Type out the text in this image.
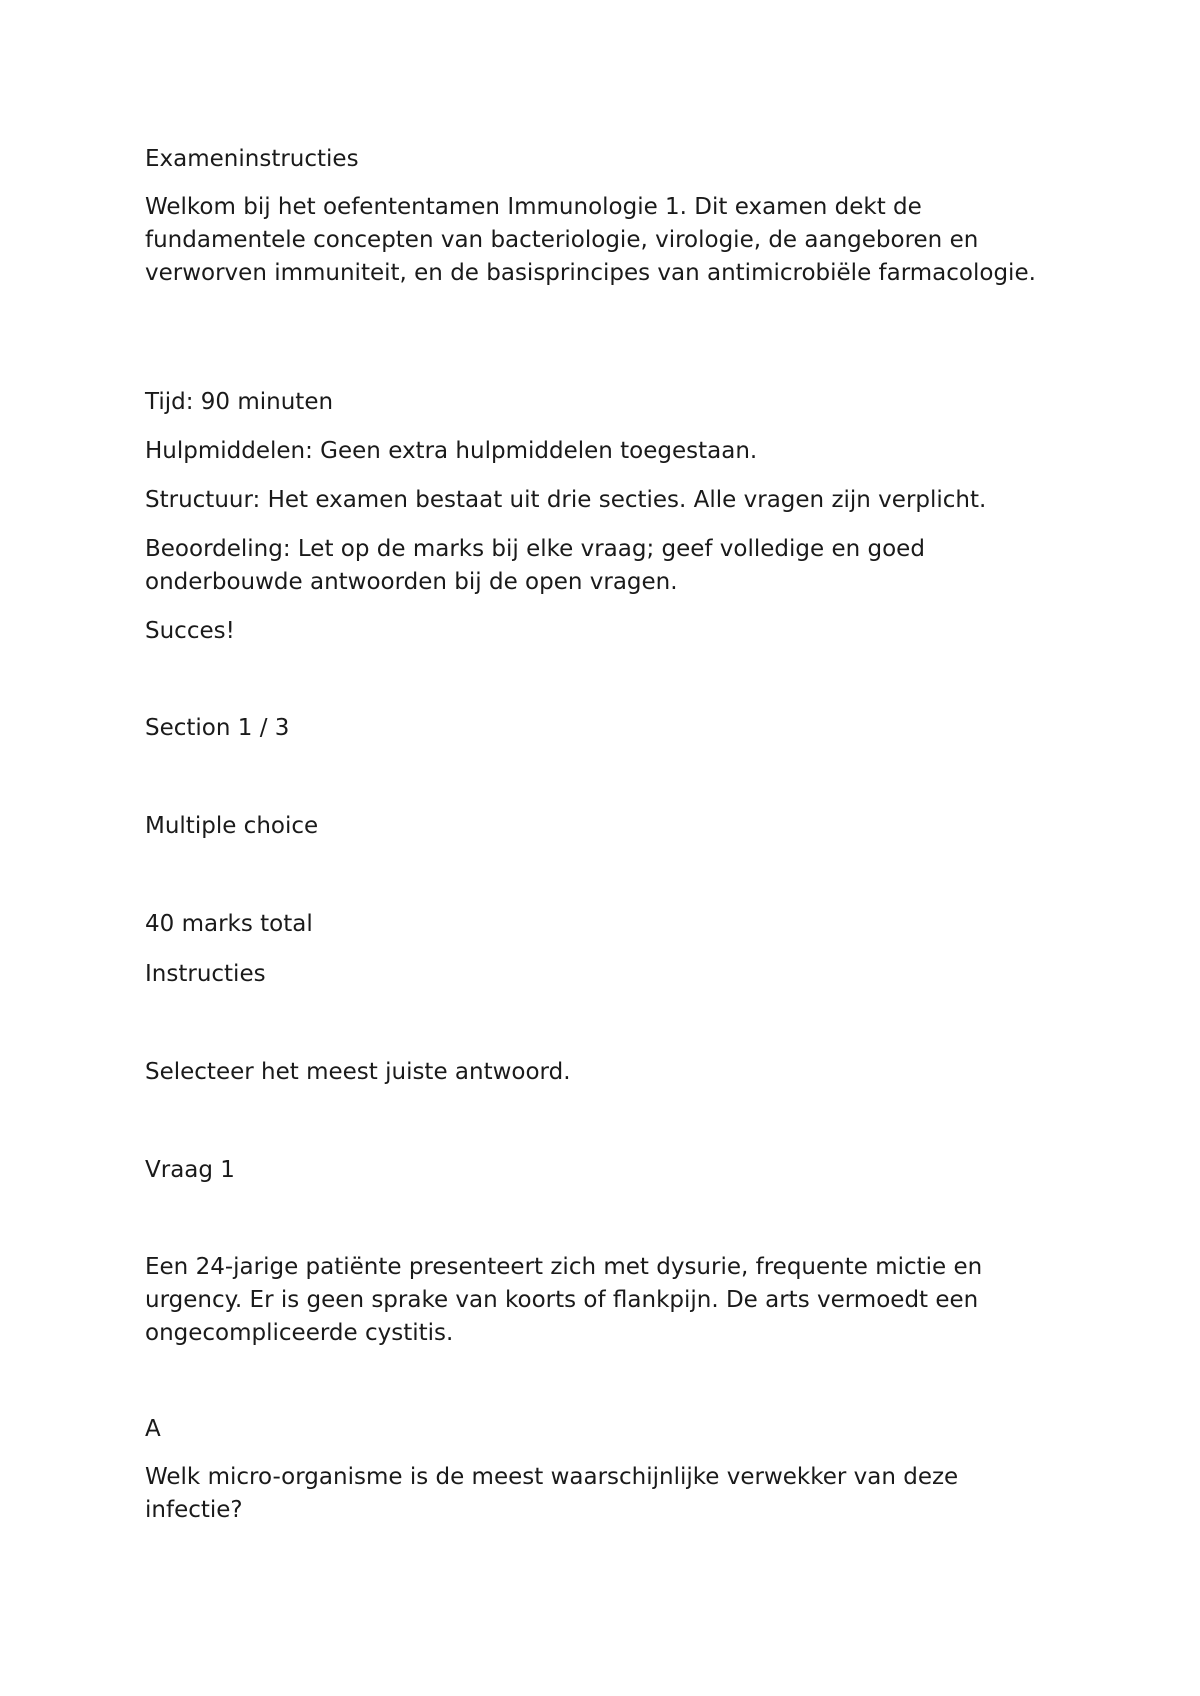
Exameninstructies

Welkom bij het oefententamen Immunologie 1. Dit examen dekt de fundamentele concepten van bacteriologie, virologie, de aangeboren en verworven immuniteit, en de basisprincipes van antimicrobiële farmacologie.

Tijd: 90 minuten

Hulpmiddelen: Geen extra hulpmiddelen toegestaan.

Structuur: Het examen bestaat uit drie secties. Alle vragen zijn verplicht.

Beoordeling: Let op de marks bij elke vraag; geef volledige en goed onderbouwde antwoorden bij de open vragen.

Succes!

Section 1 / 3

Multiple choice

40 marks total

Instructies

Selecteer het meest juiste antwoord.

Vraag 1

Een 24-jarige patiënte presenteert zich met dysurie, frequente mictie en urgency. Er is geen sprake van koorts of flankpijn. De arts vermoedt een ongecompliceerde cystitis.

A

Welk micro-organisme is de meest waarschijnlijke verwekker van deze infectie?
